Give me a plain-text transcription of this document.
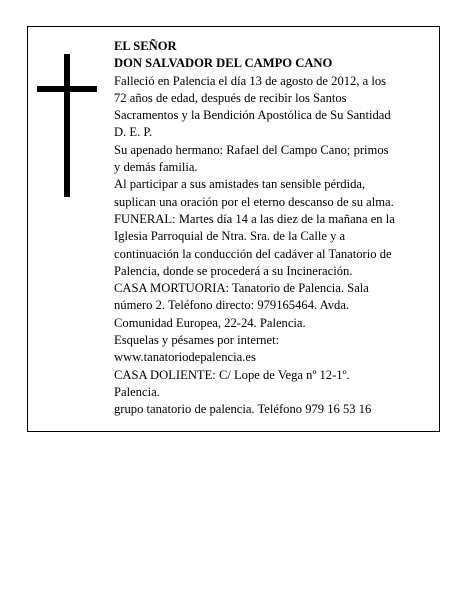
EL SEÑOR
DON SALVADOR DEL CAMPO CANO
Falleció en Palencia el día 13 de agosto de 2012, a los
72 años de edad, después de recibir los Santos
Sacramentos y la Bendición Apostólica de Su Santidad
D. E. P.
Su apenado hermano: Rafael del Campo Cano; primos
y demás familia.
Al participar a sus amistades tan sensible pérdida,
suplican una oración por el eterno descanso de su alma.
FUNERAL: Martes día 14 a las diez de la mañana en la
Iglesia Parroquial de Ntra. Sra. de la Calle y a
continuación la conducción del cadáver al Tanatorio de
Palencia, donde se procederá a su Incineración.
CASA MORTUORIA: Tanatorio de Palencia. Sala
número 2. Teléfono directo: 979165464. Avda.
Comunidad Europea, 22-24. Palencia.
Esquelas y pésames por internet:
www.tanatoriodepalencia.es
CASA DOLIENTE: C/ Lope de Vega nº 12-1º.
Palencia.
grupo tanatorio de palencia. Teléfono 979 16 53 16
